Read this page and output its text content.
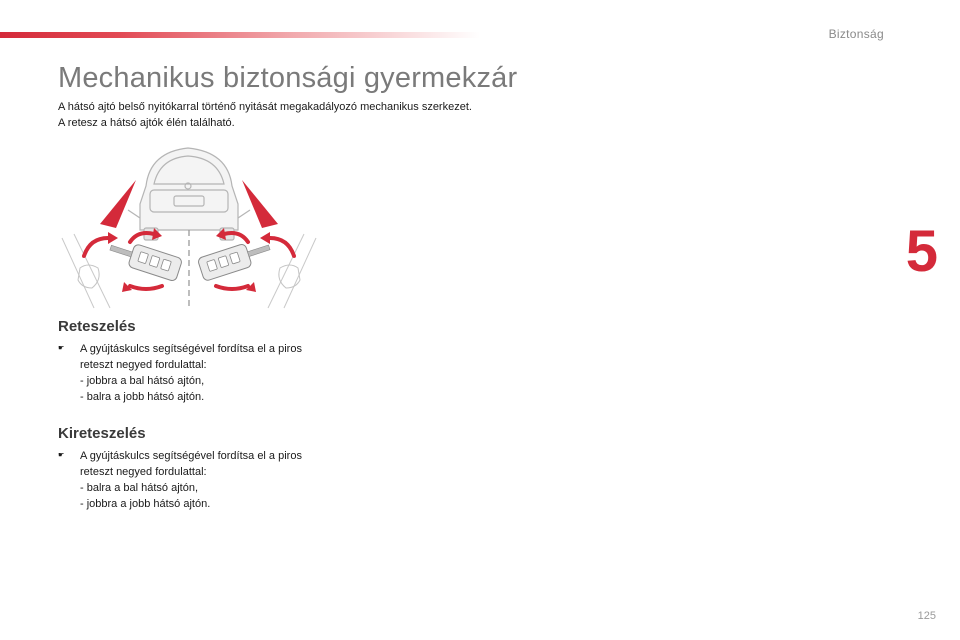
Biztonság
Mechanikus biztonsági gyermekzár

A hátsó ajtó belső nyitókarral történő nyitását megakadályozó mechanikus szerkezet.
A retesz a hátsó ajtók élén található.

Reteszelés
☛ A gyújtáskulcs segítségével fordítsa el a piros reteszt negyed fordulattal:
- jobbra a bal hátsó ajtón,
- balra a jobb hátsó ajtón.
Kireteszelés
☛ A gyújtáskulcs segítségével fordítsa el a piros reteszt negyed fordulattal:
- balra a bal hátsó ajtón,
- jobbra a jobb hátsó ajtón.
5
125
